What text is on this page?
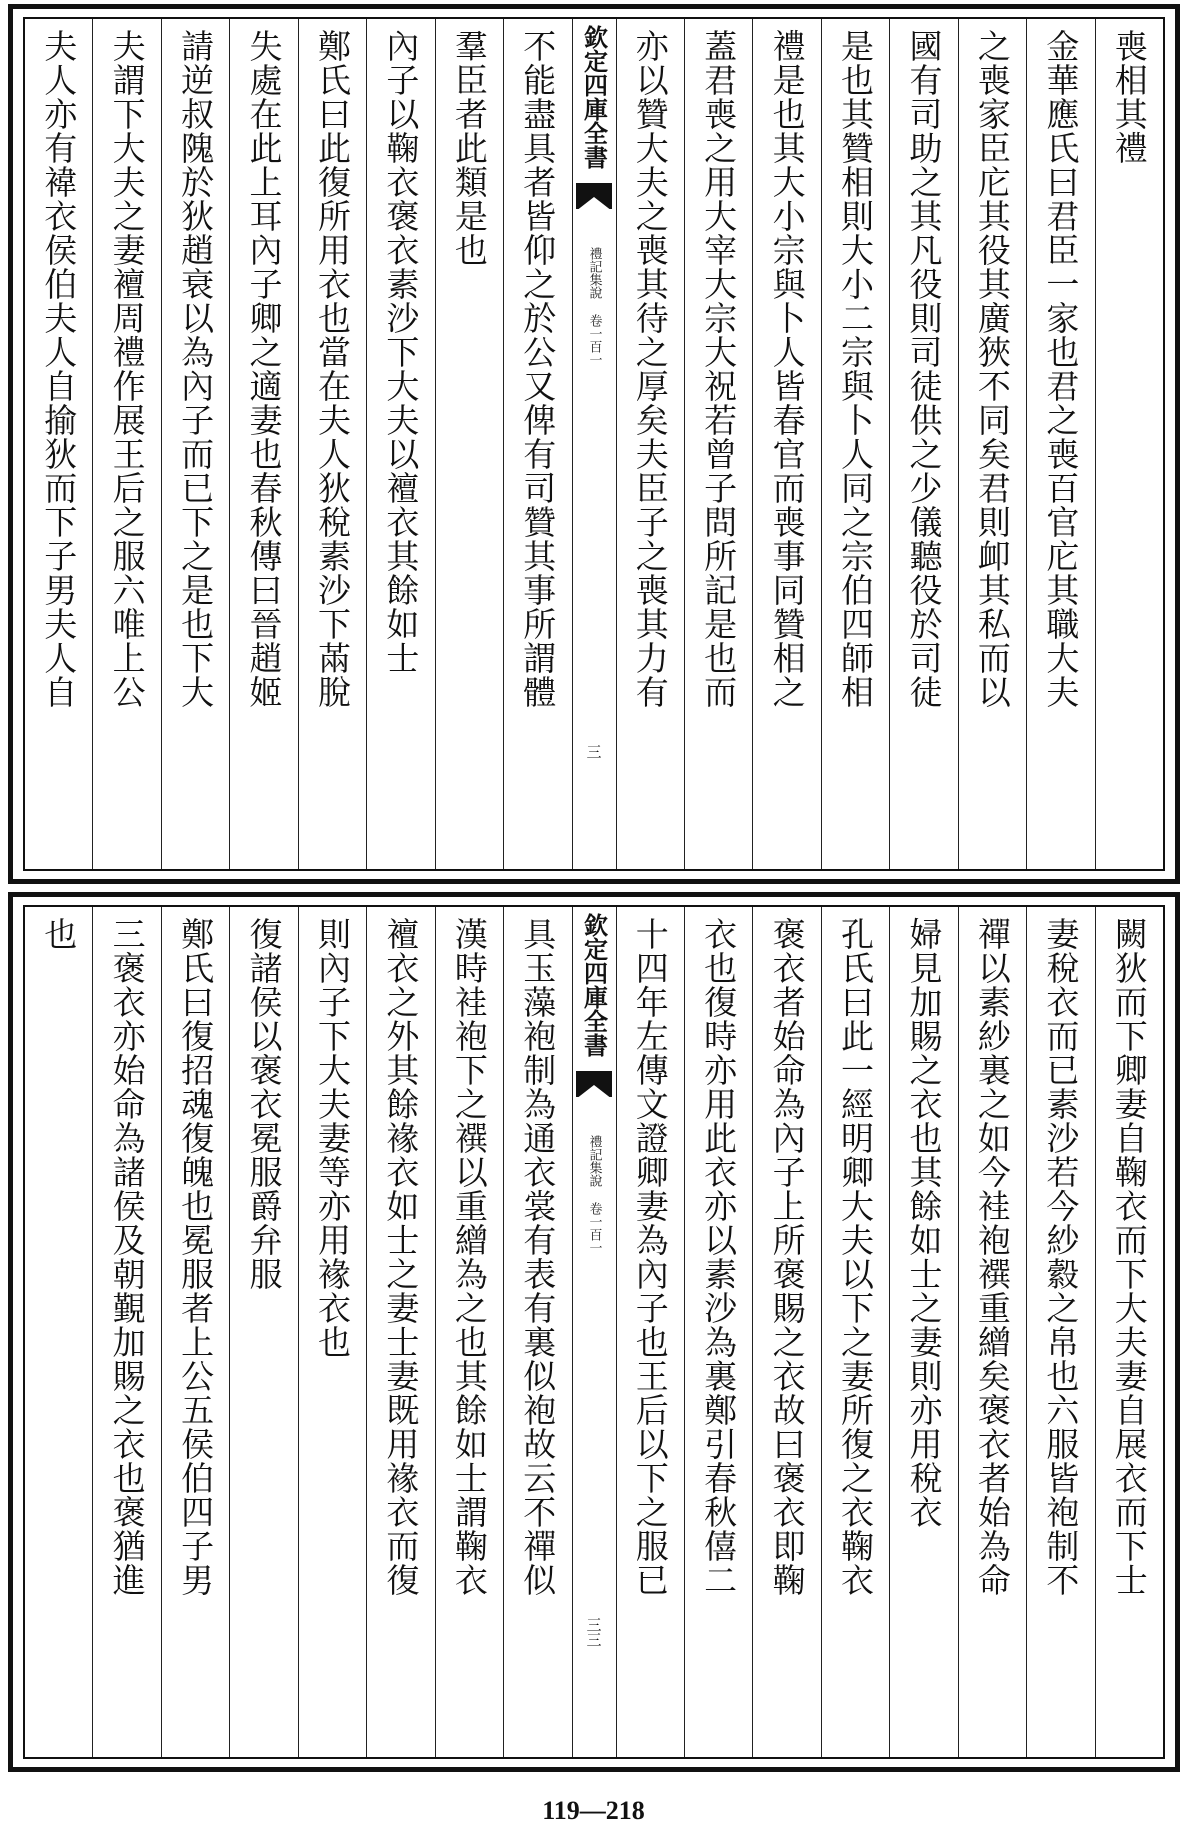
喪相其禮
金華應氏曰君臣一家也君之喪百官庀其職大夫
之喪家臣庀其役其廣狹不同矣君則卹其私而以
國有司助之其凡役則司徒供之少儀聽役於司徒
是也其贊相則大小二宗與卜人同之宗伯四師相
禮是也其大小宗與卜人皆春官而喪事同贊相之
蓋君喪之用大宰大宗大祝若曾子問所記是也而
亦以贊大夫之喪其待之厚矣夫臣子之喪其力有
欽定四庫全書
禮記集說 卷一百一
三
不能盡具者皆仰之於公又俾有司贊其事所謂體
羣臣者此類是也
內子以鞠衣褒衣素沙下大夫以襢衣其餘如士
鄭氏曰此復所用衣也當在夫人狄稅素沙下㒼脫
失處在此上耳內子卿之適妻也春秋傳曰晉趙姬
請逆叔隗於狄趙衰以為內子而已下之是也下大
夫謂下大夫之妻襢周禮作展王后之服六唯上公
夫人亦有褘衣侯伯夫人自揄狄而下子男夫人自
闕狄而下卿妻自鞠衣而下大夫妻自展衣而下士
妻稅衣而已素沙若今紗縠之帛也六服皆袍制不
禪以素紗裏之如今袿袍襈重繒矣褒衣者始為命
婦見加賜之衣也其餘如士之妻則亦用稅衣
孔氏曰此一經明卿大夫以下之妻所復之衣鞠衣
褒衣者始命為內子上所褒賜之衣故曰褒衣即鞠
衣也復時亦用此衣亦以素沙為裏鄭引春秋僖二
十四年左傳文證卿妻為內子也王后以下之服已
欽定四庫全書
禮記集說 卷一百一
三三
具玉藻袍制為通衣裳有表有裏似袍故云不禪似
漢時袿袍下之襈以重繒為之也其餘如士謂鞠衣
襢衣之外其餘褖衣如士之妻士妻既用褖衣而復
則內子下大夫妻等亦用褖衣也
復諸侯以褒衣冕服爵弁服
鄭氏曰復招魂復魄也冕服者上公五侯伯四子男
三褒衣亦始命為諸侯及朝覲加賜之衣也褒猶進
也
119—218
